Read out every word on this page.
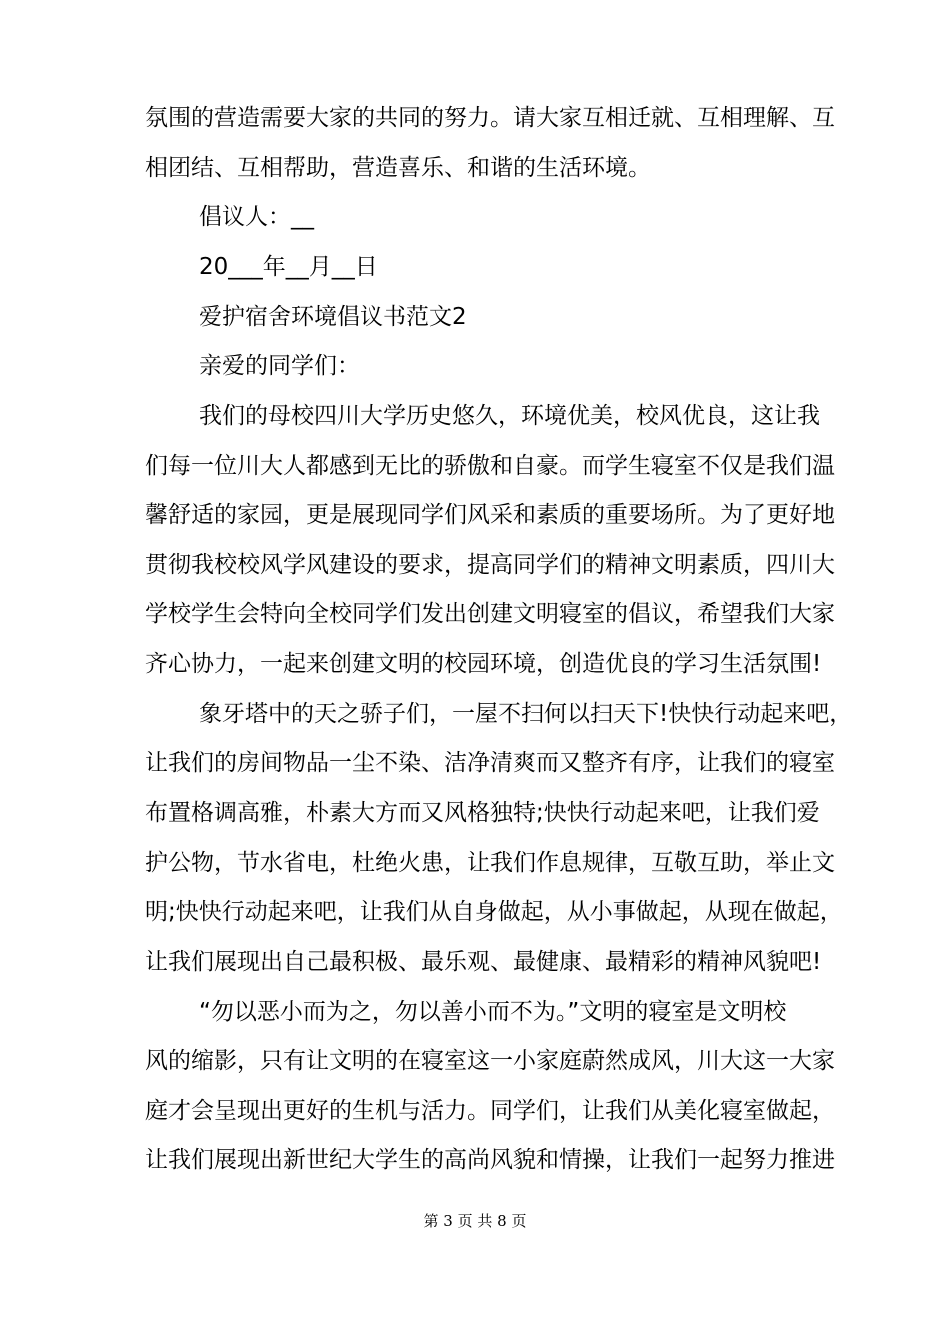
氛围的营造需要大家的共同的努力。请大家互相迁就、互相理解、互
相团结、互相帮助，营造喜乐、和谐的生活环境。
倡议人：__
20___年__月__日
爱护宿舍环境倡议书范文2
亲爱的同学们：
我们的母校四川大学历史悠久，环境优美，校风优良，这让我
们每一位川大人都感到无比的骄傲和自豪。而学生寝室不仅是我们温
馨舒适的家园，更是展现同学们风采和素质的重要场所。为了更好地
贯彻我校校风学风建设的要求，提高同学们的精神文明素质，四川大
学校学生会特向全校同学们发出创建文明寝室的倡议，希望我们大家
齐心协力，一起来创建文明的校园环境，创造优良的学习生活氛围!
象牙塔中的天之骄子们，一屋不扫何以扫天下!快快行动起来吧，
让我们的房间物品一尘不染、洁净清爽而又整齐有序，让我们的寝室
布置格调高雅，朴素大方而又风格独特;快快行动起来吧，让我们爱
护公物，节水省电，杜绝火患，让我们作息规律，互敬互助，举止文
明;快快行动起来吧，让我们从自身做起，从小事做起，从现在做起，
让我们展现出自己最积极、最乐观、最健康、最精彩的精神风貌吧!
“勿以恶小而为之，勿以善小而不为。”文明的寝室是文明校
风的缩影，只有让文明的在寝室这一小家庭蔚然成风，川大这一大家
庭才会呈现出更好的生机与活力。同学们，让我们从美化寝室做起，
让我们展现出新世纪大学生的高尚风貌和情操，让我们一起努力推进
第 3 页 共 8 页
